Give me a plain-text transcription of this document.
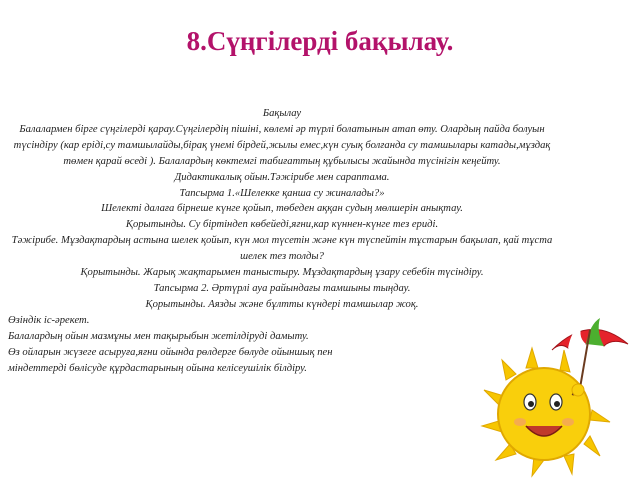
8.Сүңгілерді бақылау.

Бақылау

Балалармен бірге сүңгілерді қарау.Сүңгілердің пішіні, көлемі әр түрлі болатынын атап өту. Олардың пайда болуын түсіндіру (кар еріді,су тамшылайды,бірақ үнемі бірдей,жылы емес,күн суық болғанда су тамшылары катады,мұздақ төмен қарай өседі ). Балалардың көктемгі табиғаттың құбылысы жайында түсінігін кеңейту.

Дидактикалық ойын.Тәжірибе мен сараптама.

Тапсырма 1.«Шелекке қанша су жиналады?»

Шелекті далаға бірнеше күнге қойып, төбеден аққан судың мөлшерін анықтау.

Қорытынды. Су біртіндеп көбейеді,яғни,кар күннен-күнге тез ериді.

Тәжірибе. Мұздақтардың астына шелек қойып, күн мол түсетін және күн түспейтін тұстарын бақылап, қай тұста шелек тез толды?

Қорытынды. Жарық жақтарымен таныстыру. Мұздақтардың ұзару себебін түсіндіру.

Тапсырма 2. Әртүрлі ауа райындағы тамшыны тыңдау.

Қорытынды. Аязды және бұлтты күндері тамшылар жоқ.

Өзіндік іс-әрекет.

Балалардың ойын мазмұны мен тақырыбын жетілдіруді дамыту.

Өз ойларын жүзеге асыруға,яғни ойында рөлдерге бөлуде ойыншық пен

міндеттерді бөлісуде құрдастарының ойына келісеушілік білдіру.
